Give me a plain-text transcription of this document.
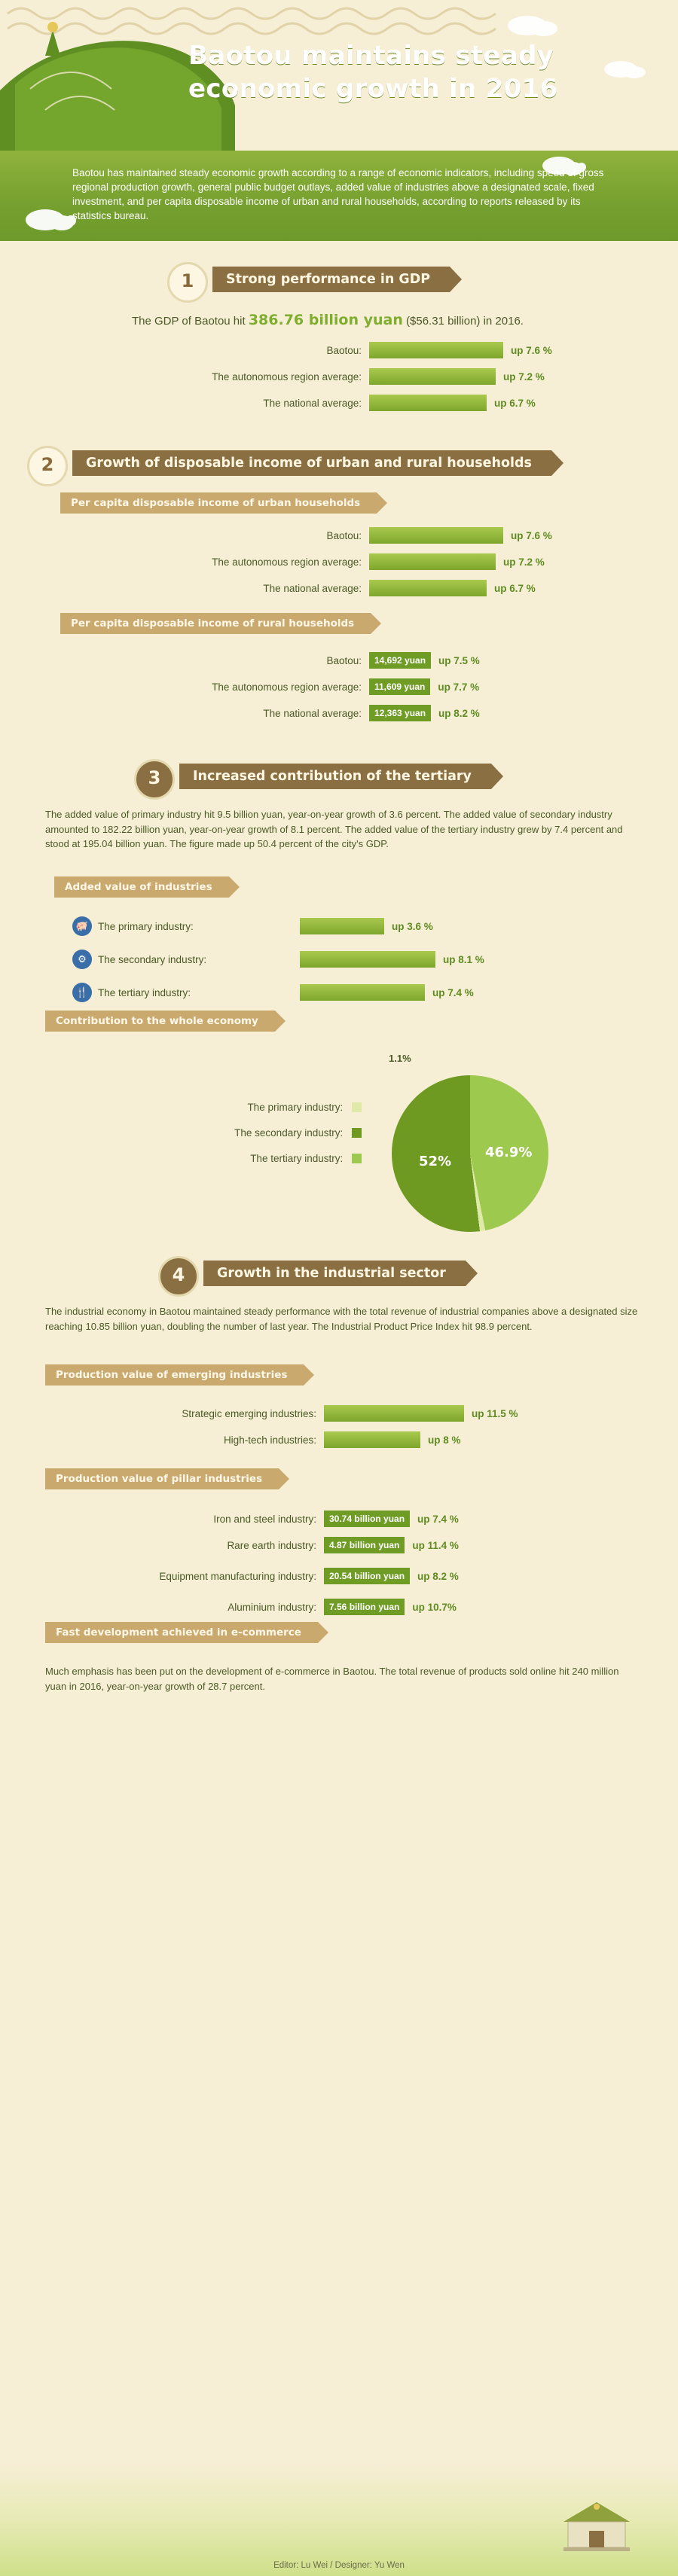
Baotou maintains steady
economic growth in 2016

Baotou has maintained steady economic growth according to a range of economic indicators, including speed of gross regional production growth, general public budget outlays, added value of industries above a designated scale, fixed investment, and per capita disposable income of urban and rural households, according to reports released by its statistics bureau.

1	Strong performance in GDP
The GDP of Baotou hit 386.76 billion yuan ($56.31 billion) in 2016.
Baotou:	up 7.6 %
The autonomous region average:	up 7.2 %
The national average:	up 6.7 %
2	Growth of disposable income of urban and rural households
Per capita disposable income of urban households
Baotou:	up 7.6 %
The autonomous region average:	up 7.2 %
The national average:	up 6.7 %
Per capita disposable income of rural households
Baotou:	14,692 yuan	up 7.5 %
The autonomous region average:	11,609 yuan	up 7.7 %
The national average:	12,363 yuan	up 8.2 %
3	Increased contribution of the tertiary

The added value of primary industry hit 9.5 billion yuan, year-on-year growth of 3.6 percent. The added value of secondary industry amounted to 182.22 billion yuan, year-on-year growth of 8.1 percent. The added value of the tertiary industry grew by 7.4 percent and stood at 195.04 billion yuan. The figure made up 50.4 percent of the city's GDP.

Added value of industries
🐖 The primary industry:	up 3.6 %
⚙	The secondary industry:	up 8.1 %
🍴 The tertiary industry:	up 7.4 %
Contribution to the whole economy
The primary industry:
The secondary industry:
The tertiary industry:
1.1%
52%
46.9%
4	Growth in the industrial sector

The industrial economy in Baotou maintained steady performance with the total revenue of industrial companies above a designated size reaching 10.85 billion yuan, doubling the number of last year. The Industrial Product Price Index hit 98.9 percent.

Production value of emerging industries
Strategic emerging industries:	up 11.5 %
High-tech industries:	up 8 %
Production value of pillar industries
Iron and steel industry:	30.74 billion yuan	up 7.4 %
Rare earth industry:	4.87 billion yuan	up 11.4 %
Equipment manufacturing industry:	20.54 billion yuan	up 8.2 %
Aluminium industry:	7.56 billion yuan	up 10.7%
Fast development achieved in e-commerce

Much emphasis has been put on the development of e-commerce in Baotou. The total revenue of products sold online hit 240 million yuan in 2016, year-on-year growth of 28.7 percent.

Editor: Lu Wei / Designer: Yu Wen
